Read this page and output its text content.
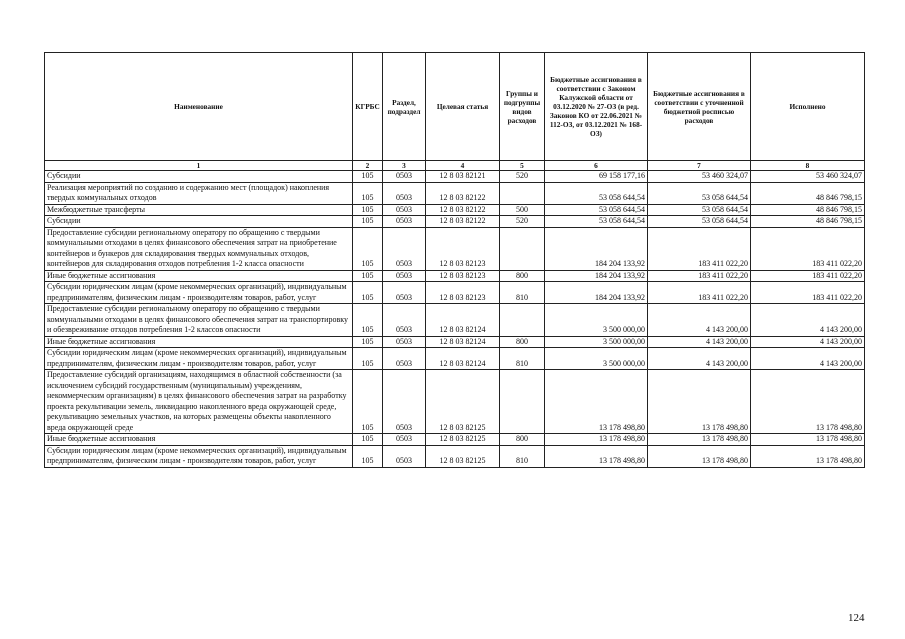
Наименование	КГРБС	Раздел, подраздел	Целевая статья	Группы и подгруппы видов расходов	Бюджетные ассигнования в соответствии с Законом Калужской области от 03.12.2020 № 27-ОЗ (в ред. Законов КО от 22.06.2021 № 112-ОЗ, от 03.12.2021 № 168-ОЗ)	Бюджетные ассигнования в соответствии с уточненной бюджетной росписью расходов	Исполнено
1	2	3	4	5	6	7	8
Субсидии	105	0503	12 8 03 82121	520	69 158 177,16	53 460 324,07	53 460 324,07
Реализация мероприятий по созданию и содержанию мест (площадок) накопления твердых коммунальных отходов	105	0503	12 8 03 82122		53 058 644,54	53 058 644,54	48 846 798,15
Межбюджетные трансферты	105	0503	12 8 03 82122	500	53 058 644,54	53 058 644,54	48 846 798,15
Субсидии	105	0503	12 8 03 82122	520	53 058 644,54	53 058 644,54	48 846 798,15
Предоставление субсидии региональному оператору по обращению с твердыми коммунальными отходами в целях финансового обеспечения затрат на приобретение контейнеров и бункеров для складирования твердых коммунальных отходов, контейнеров для складирования отходов потребления 1-2 класса опасности	105	0503	12 8 03 82123		184 204 133,92	183 411 022,20	183 411 022,20
Иные бюджетные ассигнования	105	0503	12 8 03 82123	800	184 204 133,92	183 411 022,20	183 411 022,20
Субсидии юридическим лицам (кроме некоммерческих организаций), индивидуальным предпринимателям, физическим лицам - производителям товаров, работ, услуг	105	0503	12 8 03 82123	810	184 204 133,92	183 411 022,20	183 411 022,20
Предоставление субсидии региональному оператору по обращению с твердыми коммунальными отходами в целях финансового обеспечения затрат на транспортировку и обезвреживание отходов потребления 1-2 классов опасности	105	0503	12 8 03 82124		3 500 000,00	4 143 200,00	4 143 200,00
Иные бюджетные ассигнования	105	0503	12 8 03 82124	800	3 500 000,00	4 143 200,00	4 143 200,00
Субсидии юридическим лицам (кроме некоммерческих организаций), индивидуальным предпринимателям, физическим лицам - производителям товаров, работ, услуг	105	0503	12 8 03 82124	810	3 500 000,00	4 143 200,00	4 143 200,00
Предоставление субсидий организациям, находящимся в областной собственности (за исключением субсидий государственным (муниципальным) учреждениям, некоммерческим организациям) в целях финансового обеспечения затрат на разработку проекта рекультивации земель, ликвидацию накопленного вреда окружающей среде, рекультивацию земельных участков, на которых размещены объекты накопленного вреда окружающей среде	105	0503	12 8 03 82125		13 178 498,80	13 178 498,80	13 178 498,80
Иные бюджетные ассигнования	105	0503	12 8 03 82125	800	13 178 498,80	13 178 498,80	13 178 498,80
Субсидии юридическим лицам (кроме некоммерческих организаций), индивидуальным предпринимателям, физическим лицам - производителям товаров, работ, услуг	105	0503	12 8 03 82125	810	13 178 498,80	13 178 498,80	13 178 498,80
124
